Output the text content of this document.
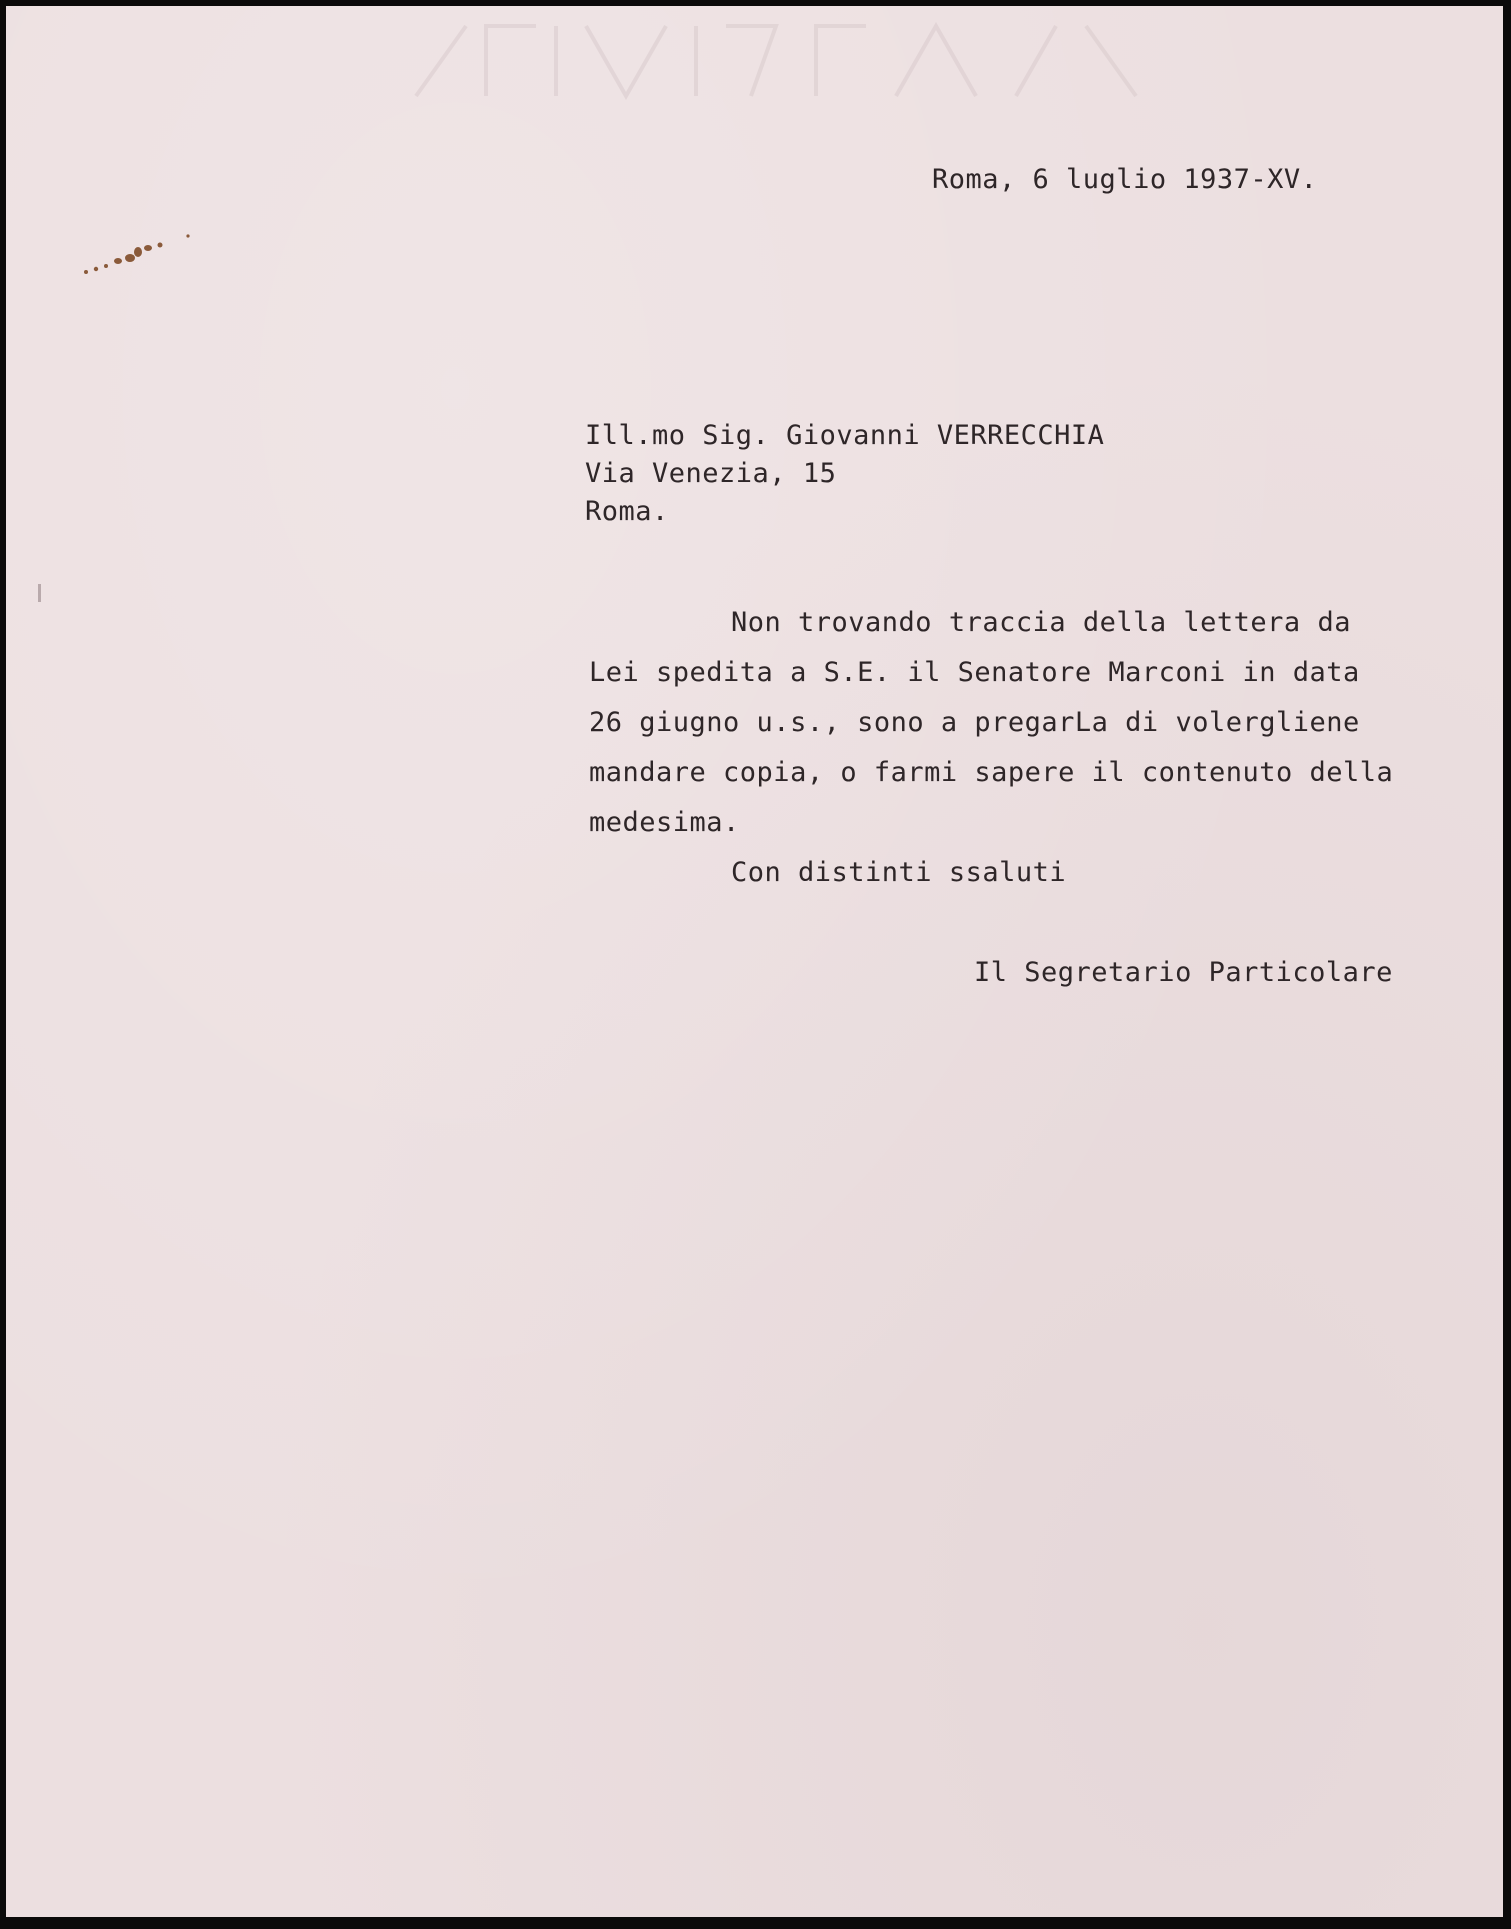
Roma, 6 luglio 1937-XV.
Ill.mo Sig. Giovanni VERRECCHIA
Via Venezia, 15
Roma.
Non trovando traccia della lettera da
Lei spedita a S.E. il Senatore Marconi in data
26 giugno u.s., sono a pregarLa di volergliene
mandare copia, o farmi sapere il contenuto della
medesima.
Con distinti ssaluti
Il Segretario Particolare
